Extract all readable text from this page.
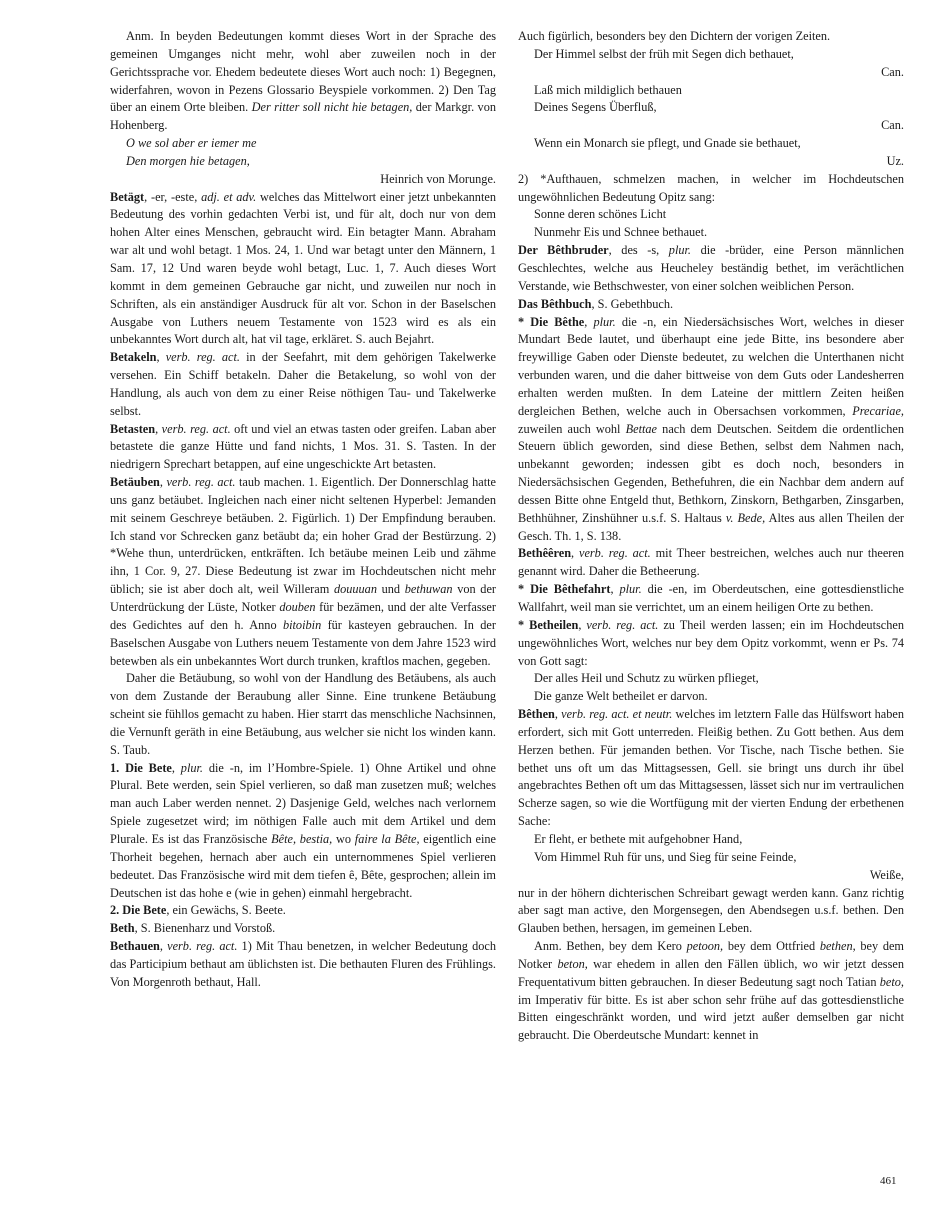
Anm. In beyden Bedeutungen kommt dieses Wort in der Sprache des gemeinen Umganges nicht mehr, wohl aber zuweilen noch in der Gerichtssprache vor. Ehedem bedeutete dieses Wort auch noch: 1) Begegnen, widerfahren, wovon in Pezens Glossario Beyspiele vorkommen. 2) Den Tag über an einem Orte bleiben. Der ritter soll nicht hie betagen, der Markgr. von Hohenberg.

O we sol aber er iemer me

Den morgen hie betagen,

Heinrich von Morunge.

Betägt, -er, -este, adj. et adv. welches das Mittelwort einer jetzt unbekannten Bedeutung des vorhin gedachten Verbi ist, und für alt, doch nur von dem hohen Alter eines Menschen, gebraucht wird. Ein betagter Mann. Abraham war alt und wohl betagt. 1 Mos. 24, 1. Und war betagt unter den Männern, 1 Sam. 17, 12 Und waren beyde wohl betagt, Luc. 1, 7. Auch dieses Wort kommt in dem gemeinen Gebrauche gar nicht, und zuweilen nur noch in Schriften, als ein anständiger Ausdruck für alt vor. Schon in der Baselschen Ausgabe von Luthers neuem Testamente von 1523 wird es als ein unbekanntes Wort durch alt, hat vil tage, erkläret. S. auch Bejahrt.

Betakeln, verb. reg. act. in der Seefahrt, mit dem gehörigen Takelwerke versehen. Ein Schiff betakeln. Daher die Betakelung, so wohl von der Handlung, als auch von dem zu einer Reise nöthigen Tau- und Takelwerke selbst.

Betasten, verb. reg. act. oft und viel an etwas tasten oder greifen. Laban aber betastete die ganze Hütte und fand nichts, 1 Mos. 31. S. Tasten. In der niedrigern Sprechart betappen, auf eine ungeschickte Art betasten.

Betäuben, verb. reg. act. taub machen. 1. Eigentlich. Der Donnerschlag hatte uns ganz betäubet. Ingleichen nach einer nicht seltenen Hyperbel: Jemanden mit seinem Geschreye betäuben. 2. Figürlich. 1) Der Empfindung berauben. Ich stand vor Schrecken ganz betäubt da; ein hoher Grad der Bestürzung. 2) *Wehe thun, unterdrücken, entkräften. Ich betäube meinen Leib und zähme ihn, 1 Cor. 9, 27. Diese Bedeutung ist zwar im Hochdeutschen nicht mehr üblich; sie ist aber doch alt, weil Willeram douuuan und bethuwan von der Unterdrückung der Lüste, Notker douben für bezämen, und der alte Verfasser des Gedichtes auf den h. Anno bitoibin für kasteyen gebrauchen. In der Baselschen Ausgabe von Luthers neuem Testamente von dem Jahre 1523 wird betewben als ein unbekanntes Wort durch trunken, kraftlos machen, gegeben.

Daher die Betäubung, so wohl von der Handlung des Betäubens, als auch von dem Zustande der Beraubung aller Sinne. Eine trunkene Betäubung scheint sie fühllos gemacht zu haben. Hier starrt das menschliche Nachsinnen, die Vernunft geräth in eine Betäubung, aus welcher sie nicht los winden kann. S. Taub.

1. Die Bete, plur. die -n, im l’Hombre-Spiele. 1) Ohne Artikel und ohne Plural. Bete werden, sein Spiel verlieren, so daß man zusetzen muß; welches man auch Laber werden nennet. 2) Dasjenige Geld, welches nach verlornem Spiele zugesetzet wird; im nöthigen Falle auch mit dem Artikel und dem Plurale. Es ist das Französische Bête, bestia, wo faire la Bête, eigentlich eine Thorheit begehen, hernach aber auch ein unternommenes Spiel verlieren bedeutet. Das Französische wird mit dem tiefen ê, Bête, gesprochen; allein im Deutschen ist das hohe e (wie in gehen) einmahl hergebracht.

2. Die Bete, ein Gewächs, S. Beete.

Beth, S. Bienenharz und Vorstoß.

Bethauen, verb. reg. act. 1) Mit Thau benetzen, in welcher Bedeutung doch das Participium bethaut am üblichsten ist. Die bethauten Fluren des Frühlings. Von Morgenroth bethaut, Hall.

Auch figürlich, besonders bey den Dichtern der vorigen Zeiten.

Der Himmel selbst der früh mit Segen dich bethauet,

Can.

Laß mich mildiglich bethauen

Deines Segens Überfluß,

Can.

Wenn ein Monarch sie pflegt, und Gnade sie bethauet,

Uz.

2) *Aufthauen, schmelzen machen, in welcher im Hochdeutschen ungewöhnlichen Bedeutung Opitz sang:

Sonne deren schönes Licht

Nunmehr Eis und Schnee bethauet.

Der Bêthbruder, des -s, plur. die -brüder, eine Person männlichen Geschlechtes, welche aus Heucheley beständig bethet, im verächtlichen Verstande, wie Bethschwester, von einer solchen weiblichen Person.

Das Bêthbuch, S. Gebethbuch.

* Die Bêthe, plur. die -n, ein Niedersächsisches Wort, welches in dieser Mundart Bede lautet, und überhaupt eine jede Bitte, ins besondere aber freywillige Gaben oder Dienste bedeutet, zu welchen die Unterthanen nicht verbunden waren, und die daher bittweise von dem Guts oder Landesherren erhalten werden mußten. In dem Lateine der mittlern Zeiten heißen dergleichen Bethen, welche auch in Obersachsen vorkommen, Precariae, zuweilen auch wohl Bettae nach dem Deutschen. Seitdem die ordentlichen Steuern üblich geworden, sind diese Bethen, selbst dem Nahmen nach, unbekannt geworden; indessen gibt es doch noch, besonders in Niedersächsischen Gegenden, Bethefuhren, die ein Nachbar dem andern auf dessen Bitte ohne Entgeld thut, Bethkorn, Zinskorn, Bethgarben, Zinsgarben, Bethhühner, Zinshühner u.s.f. S. Haltaus v. Bede, Altes aus allen Theilen der Gesch. Th. 1, S. 138.

Bethêêren, verb. reg. act. mit Theer bestreichen, welches auch nur theeren genannt wird. Daher die Betheerung.

* Die Bêthefahrt, plur. die -en, im Oberdeutschen, eine gottesdienstliche Wallfahrt, weil man sie verrichtet, um an einem heiligen Orte zu bethen.

* Betheilen, verb. reg. act. zu Theil werden lassen; ein im Hochdeutschen ungewöhnliches Wort, welches nur bey dem Opitz vorkommt, wenn er Ps. 74 von Gott sagt:

Der alles Heil und Schutz zu würken pflieget,

Die ganze Welt betheilet er darvon.

Bêthen, verb. reg. act. et neutr. welches im letztern Falle das Hülfswort haben erfordert, sich mit Gott unterreden. Fleißig bethen. Zu Gott bethen. Aus dem Herzen bethen. Für jemanden bethen. Vor Tische, nach Tische bethen. Sie bethet uns oft um das Mittagsessen, Gell. sie bringt uns durch ihr übel angebrachtes Bethen oft um das Mittagsessen, lässet sich nur im vertraulichen Scherze sagen, so wie die Wortfügung mit der vierten Endung der erbethenen Sache:

Er fleht, er bethete mit aufgehobner Hand,

Vom Himmel Ruh für uns, und Sieg für seine Feinde,

Weiße,

nur in der höhern dichterischen Schreibart gewagt werden kann. Ganz richtig aber sagt man active, den Morgensegen, den Abendsegen u.s.f. bethen. Den Glauben bethen, hersagen, im gemeinen Leben.

Anm. Bethen, bey dem Kero petoon, bey dem Ottfried bethen, bey dem Notker beton, war ehedem in allen den Fällen üblich, wo wir jetzt dessen Frequentativum bitten gebrauchen. In dieser Bedeutung sagt noch Tatian beto, im Imperativ für bitte. Es ist aber schon sehr frühe auf das gottesdienstliche Bitten eingeschränkt worden, und wird jetzt außer demselben gar nicht gebraucht. Die Oberdeutsche Mundart: kennet in

461
